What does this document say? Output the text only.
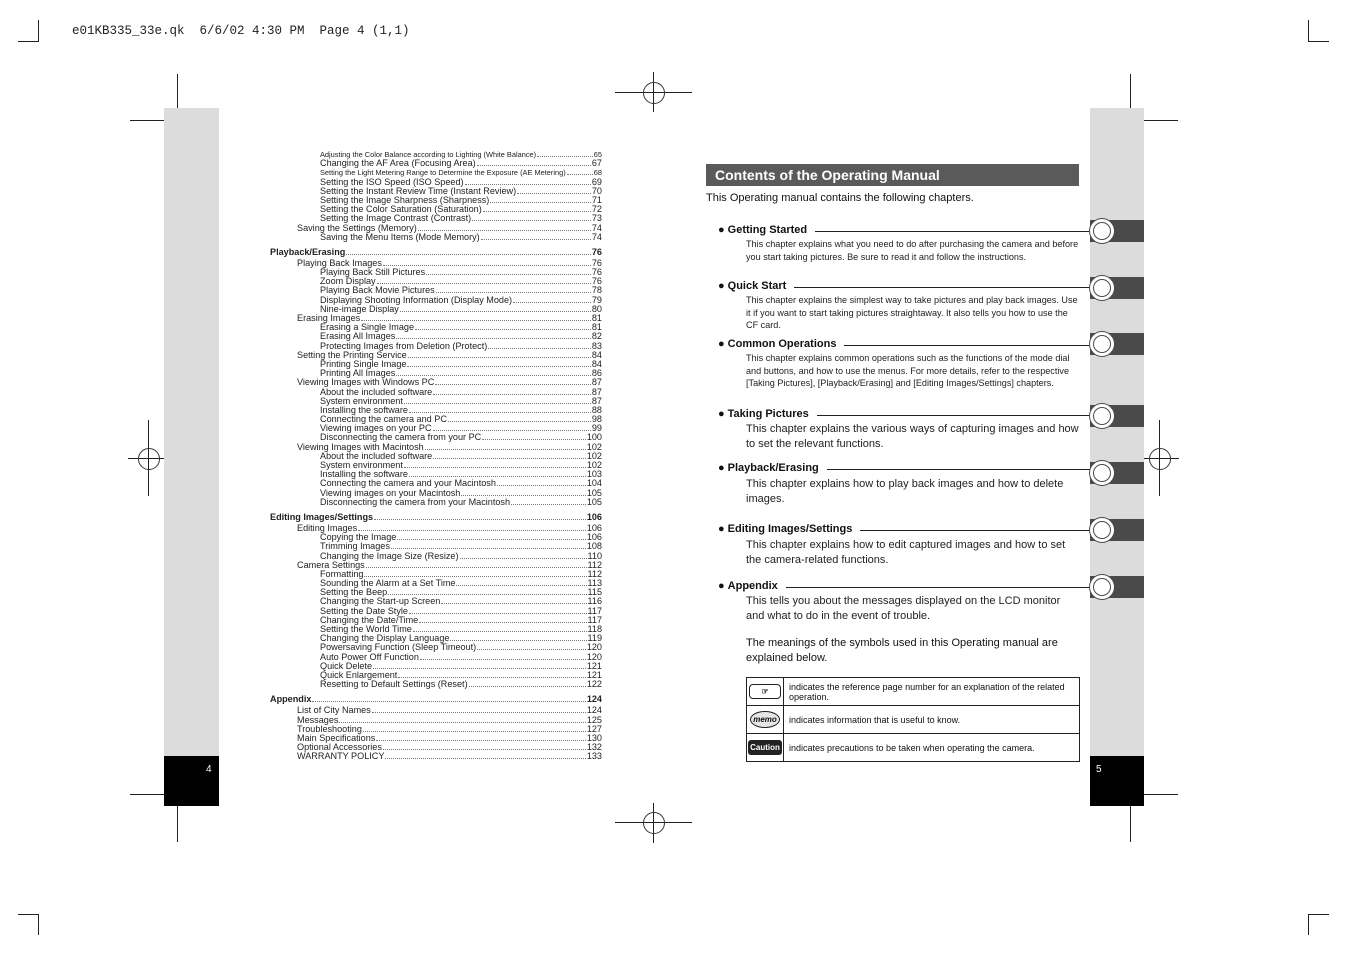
e01KB335_33e.qk  6/6/02 4:30 PM  Page 4 (1,1)
4	5
Adjusting the Color Balance according to Lighting (White Balance)	65
Changing the AF Area (Focusing Area)	67
Setting the Light Metering Range to Determine the Exposure (AE Metering)	68
Setting the ISO Speed (ISO Speed)	69
Setting the Instant Review Time (Instant Review)	70
Setting the Image Sharpness (Sharpness)	71
Setting the Color Saturation (Saturation)	72
Setting the Image Contrast (Contrast)	73
Saving the Settings (Memory)	74
Saving the Menu Items (Mode Memory)	74
Playback/Erasing	76
Playing Back Images	76
Playing Back Still Pictures	76
Zoom Display	76
Playing Back Movie Pictures	78
Displaying Shooting Information (Display Mode)	79
Nine-image Display	80
Erasing Images	81
Erasing a Single Image	81
Erasing All Images	82
Protecting Images from Deletion (Protect)	83
Setting the Printing Service	84
Printing Single Image	84
Printing All Images	86
Viewing Images with Windows PC	87
About the included software	87
System environment	87
Installing the software	88
Connecting the camera and PC	98
Viewing images on your PC	99
Disconnecting the camera from your PC	100
Viewing Images with Macintosh	102
About the included software	102
System environment	102
Installing the software	103
Connecting the camera and your Macintosh	104
Viewing images on your Macintosh	105
Disconnecting the camera from your Macintosh	105
Editing Images/Settings	106
Editing Images	106
Copying the Image	106
Trimming Images	108
Changing the Image Size (Resize)	110
Camera Settings	112
Formatting	112
Sounding the Alarm at a Set Time	113
Setting the Beep	115
Changing the Start-up Screen	116
Setting the Date Style	117
Changing the Date/Time	117
Setting the World Time	118
Changing the Display Language	119
Powersaving Function (Sleep Timeout)	120
Auto Power Off Function	120
Quick Delete	121
Quick Enlargement	121
Resetting to Default Settings (Reset)	122
Appendix	124
List of City Names	124
Messages	125
Troubleshooting	127
Main Specifications	130
Optional Accessories	132
WARRANTY POLICY	133
Contents of the Operating Manual
This Operating manual contains the following chapters.
● Getting Started
This chapter explains what you need to do after purchasing the camera and before you start taking pictures. Be sure to read it and follow the instructions.
● Quick Start
This chapter explains the simplest way to take pictures and play back images. Use it if you want to start taking pictures straightaway. It also tells you how to use the CF card.
● Common Operations
This chapter explains common operations such as the functions of the mode dial and buttons, and how to use the menus. For more details, refer to the respective [Taking Pictures], [Playback/Erasing] and [Editing Images/Settings] chapters.
● Taking Pictures
This chapter explains the various ways of capturing images and how to set the relevant functions.
● Playback/Erasing
This chapter explains how to play back images and how to delete images.
● Editing Images/Settings
This chapter explains how to edit captured images and how to set the camera-related functions.
● Appendix
This tells you about the messages displayed on the LCD monitor and what to do in the event of trouble.
The meanings of the symbols used in this Operating manual are explained below.
☞	indicates the reference page number for an explanation of the related operation.
memo	indicates information that is useful to know.
Caution	indicates precautions to be taken when operating the camera.
